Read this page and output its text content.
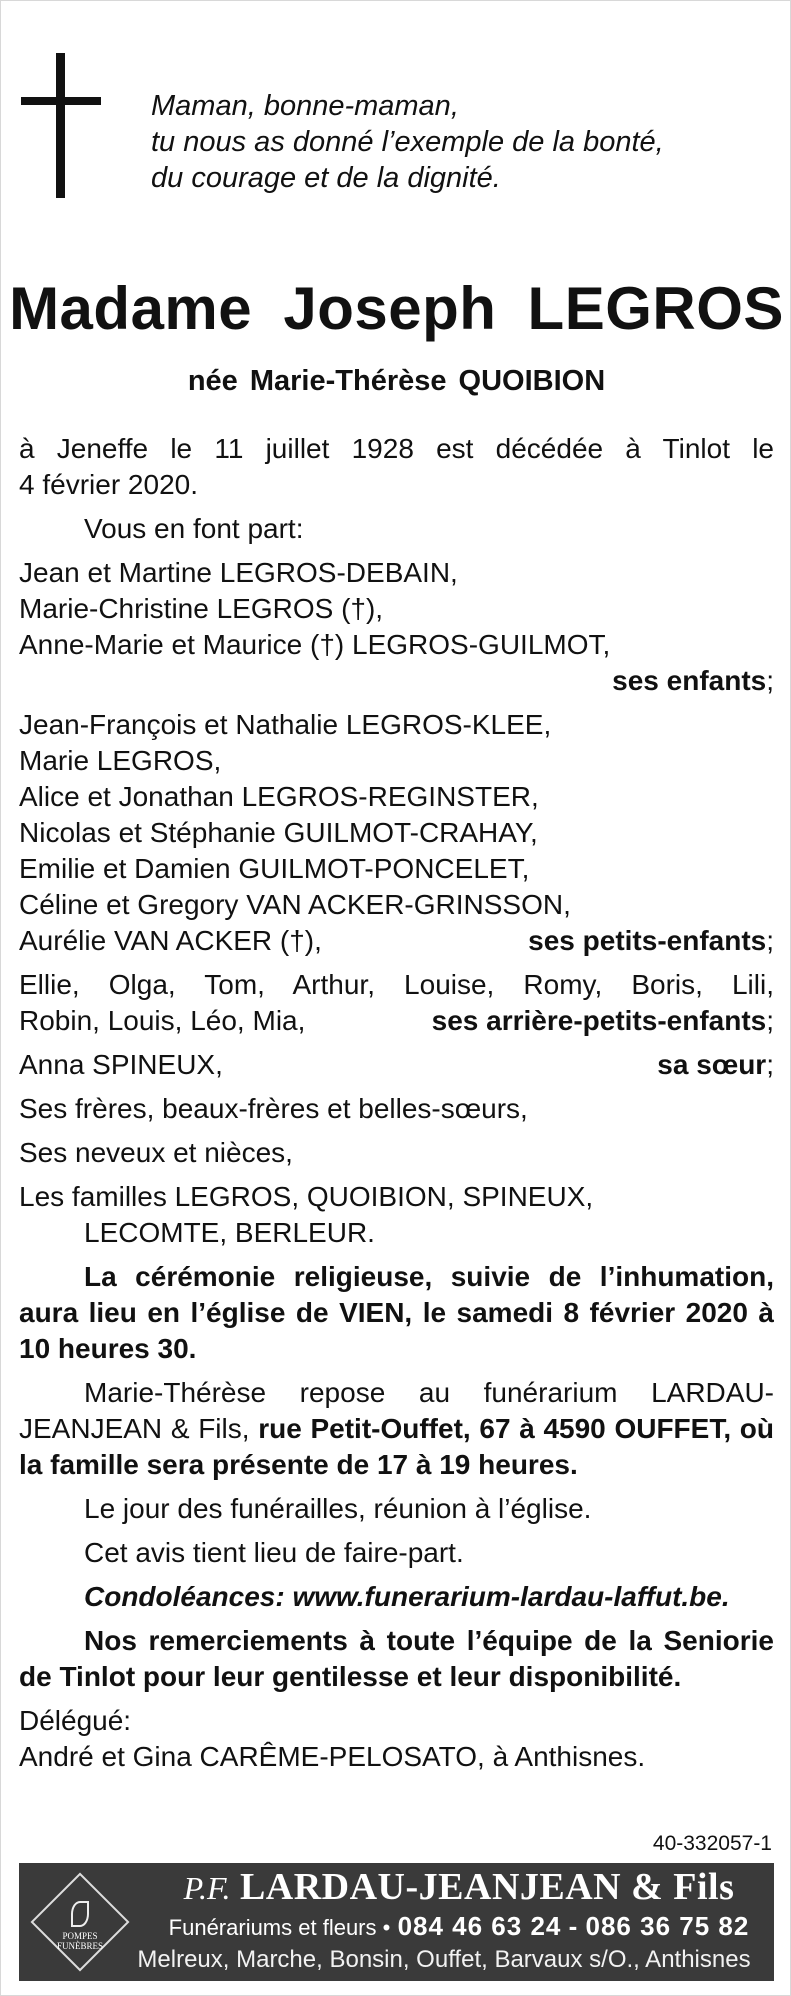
Maman, bonne-maman,
tu nous as donné l’exemple de la bonté,
du courage et de la dignité.
Madame Joseph LEGROS
née Marie-Thérèse QUOIBION
à Jeneffe le 11 juillet 1928 est décédée à Tinlot le
4 février 2020.
Vous en font part:
Jean et Martine LEGROS-DEBAIN,
Marie-Christine LEGROS (†),
Anne-Marie et Maurice (†) LEGROS-GUILMOT,
ses enfants;
Jean-François et Nathalie LEGROS-KLEE,
Marie LEGROS,
Alice et Jonathan LEGROS-REGINSTER,
Nicolas et Stéphanie GUILMOT-CRAHAY,
Emilie et Damien GUILMOT-PONCELET,
Céline et Gregory VAN ACKER-GRINSSON,
Aurélie VAN ACKER (†),	ses petits-enfants;
Ellie, Olga, Tom, Arthur, Louise, Romy, Boris, Lili,
Robin, Louis, Léo, Mia,	ses arrière-petits-enfants;
Anna SPINEUX,	sa sœur;
Ses frères, beaux-frères et belles-sœurs,
Ses neveux et nièces,
Les familles LEGROS, QUOIBION, SPINEUX,
LECOMTE, BERLEUR.
La cérémonie religieuse, suivie de l’inhumation, aura lieu en l’église de VIEN, le samedi 8 février 2020 à 10 heures 30.
Marie-Thérèse repose au funérarium LARDAU-JEANJEAN & Fils, rue Petit-Ouffet, 67 à 4590 OUFFET, où la famille sera présente de 17 à 19 heures.
Le jour des funérailles, réunion à l’église.
Cet avis tient lieu de faire-part.
Condoléances: www.funerarium-lardau-laffut.be.
Nos remerciements à toute l’équipe de la Seniorie de Tinlot pour leur gentilesse et leur disponibilité.
Délégué:
André et Gina CARÊME-PELOSATO, à Anthisnes.
40-332057-1
POMPES
FUNÈBRES
P.F. LARDAU-JEANJEAN & Fils
Funérariums et fleurs • 084 46 63 24 - 086 36 75 82
Melreux, Marche, Bonsin, Ouffet, Barvaux s/O., Anthisnes
